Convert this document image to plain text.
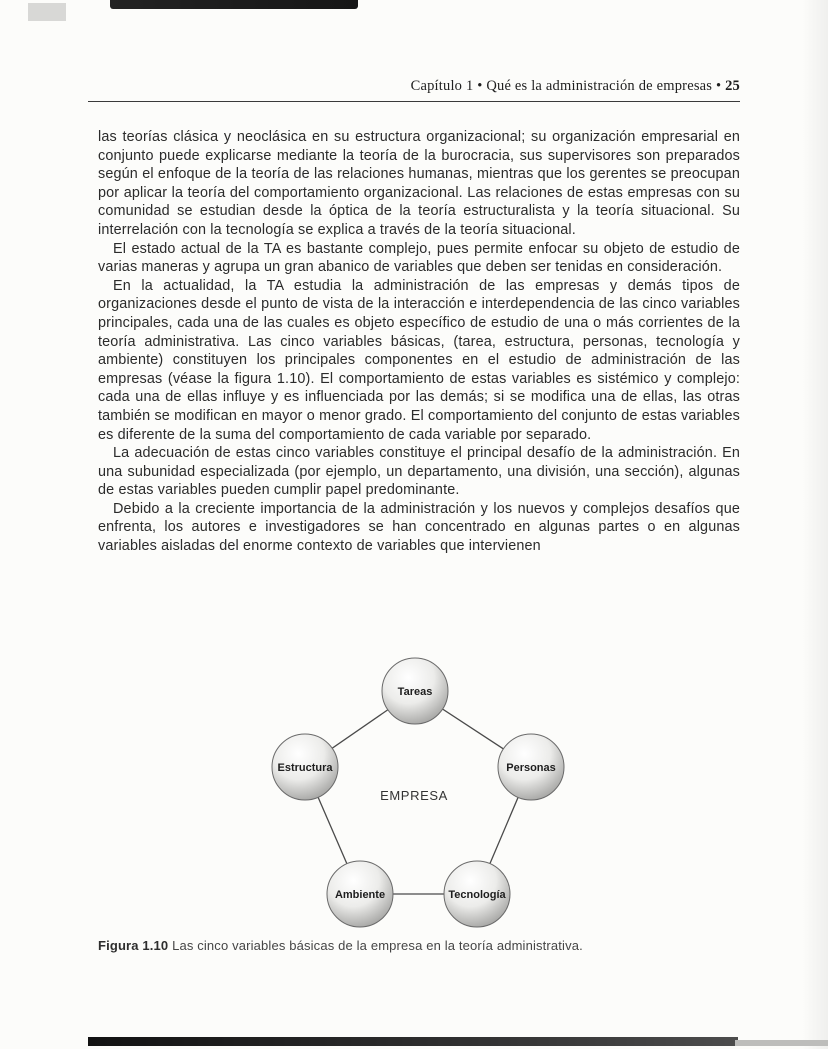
Capítulo 1 • Qué es la administración de empresas • 25

las teorías clásica y neoclásica en su estructura organizacional; su organización empresarial en conjunto puede explicarse mediante la teoría de la burocracia, sus supervisores son preparados según el enfoque de la teoría de las relaciones humanas, mientras que los gerentes se preocupan por aplicar la teoría del comportamiento organizacional. Las relaciones de estas empresas con su comunidad se estudian desde la óptica de la teoría estructuralista y la teoría situacional. Su interrelación con la tecnología se explica a través de la teoría situacional.

El estado actual de la TA es bastante complejo, pues permite enfocar su objeto de estudio de varias maneras y agrupa un gran abanico de variables que deben ser tenidas en consideración.

En la actualidad, la TA estudia la administración de las empresas y demás tipos de organizaciones desde el punto de vista de la interacción e interdependencia de las cinco variables principales, cada una de las cuales es objeto específico de estudio de una o más corrientes de la teoría administrativa. Las cinco variables básicas, (tarea, estructura, personas, tecnología y ambiente) constituyen los principales componentes en el estudio de administración de las empresas (véase la figura 1.10). El comportamiento de estas variables es sistémico y complejo: cada una de ellas influye y es influenciada por las demás; si se modifica una de ellas, las otras también se modifican en mayor o menor grado. El comportamiento del conjunto de estas variables es diferente de la suma del comportamiento de cada variable por separado.

La adecuación de estas cinco variables constituye el principal desafío de la administración. En una subunidad especializada (por ejemplo, un departamento, una división, una sección), algunas de estas variables pueden cumplir papel predominante.

Debido a la creciente importancia de la administración y los nuevos y complejos desafíos que enfrenta, los autores e investigadores se han concentrado en algunas partes o en algunas variables aisladas del enorme contexto de variables que intervienen

Tareas
Estructura	Personas
Ambiente	Tecnología
EMPRESA
Figura 1.10 Las cinco variables básicas de la empresa en la teoría administrativa.
